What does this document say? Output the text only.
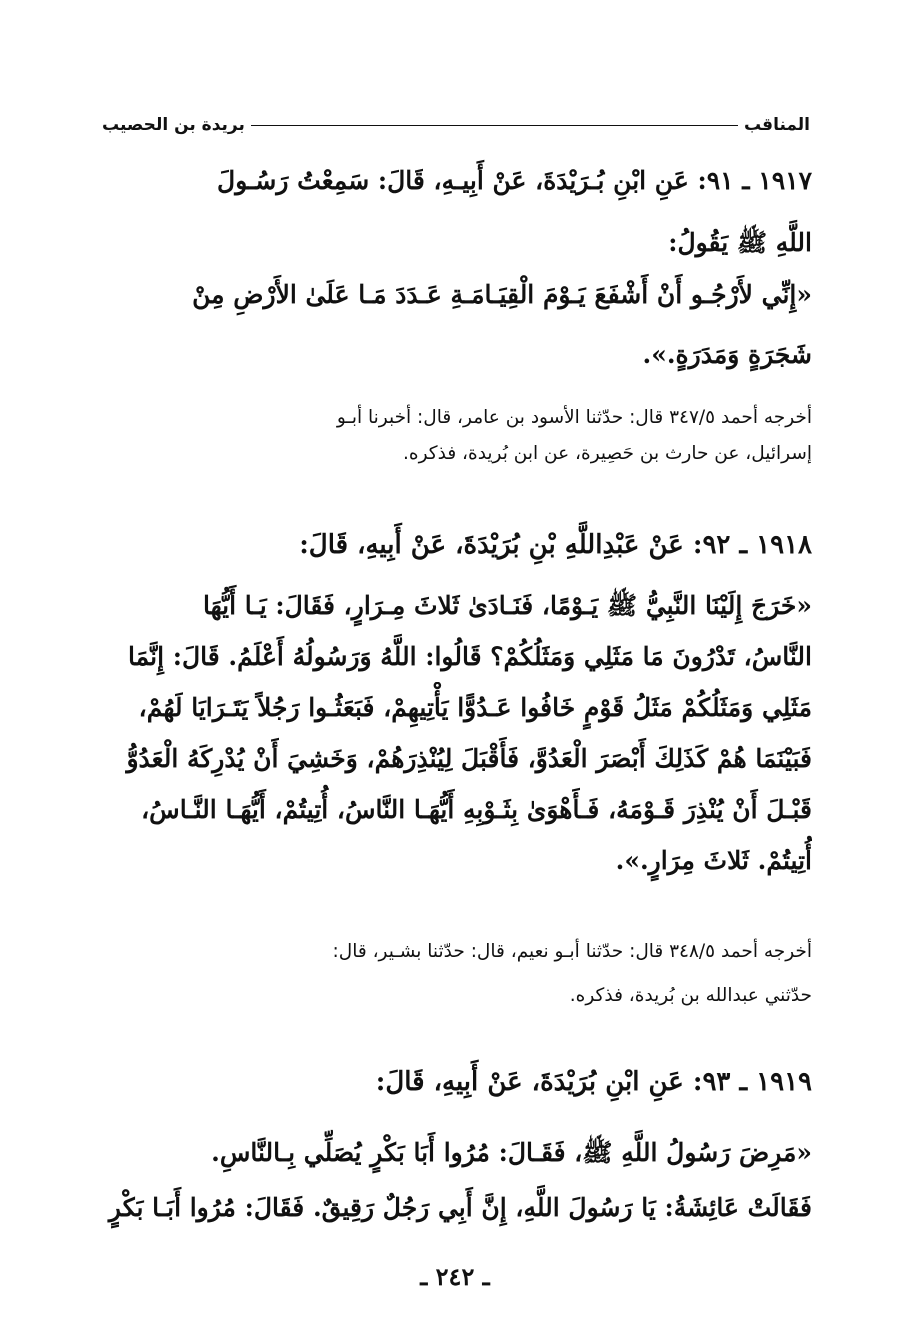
المناقب
بريدة بن الحصيب
١٩١٧ ـ ٩١: عَنِ ابْنِ بُـرَيْدَةَ، عَنْ أَبِيـهِ، قَالَ: سَمِعْتُ رَسُـولَ
اللَّهِ ﷺ يَقُولُ:
«إِنِّي لأَرْجُـو أَنْ أَشْفَعَ يَـوْمَ الْقِيَـامَـةِ عَـدَدَ مَـا عَلَىٰ الأَرْضِ مِنْ
شَجَرَةٍ وَمَدَرَةٍ.».
أخرجه أحمد ٣٤٧/٥ قال: حدّثنا الأسود بن عامر، قال: أخبرنا أبـو
إسرائيل، عن حارث بن حَصِيرة، عن ابن بُريدة، فذكره.
١٩١٨ ـ ٩٢: عَنْ عَبْدِاللَّهِ بْنِ بُرَيْدَةَ، عَنْ أَبِيهِ، قَالَ:
«خَرَجَ إِلَيْنَا النَّبِيُّ ﷺ يَـوْمًا، فَنَـادَىٰ ثَلاثَ مِـرَارٍ، فَقَالَ: يَـا أَيُّهَا
النَّاسُ، تَدْرُونَ مَا مَثَلِي وَمَثَلُكُمْ؟ قَالُوا: اللَّهُ وَرَسُولُهُ أَعْلَمُ. قَالَ: إِنَّمَا
مَثَلِي وَمَثَلُكُمْ مَثَلُ قَوْمٍ خَافُوا عَـدُوًّا يَأْتِيهِمْ، فَبَعَثُـوا رَجُلاً يَتَـرَايَا لَهُمْ،
فَبَيْنَمَا هُمْ كَذَلِكَ أَبْصَرَ الْعَدُوَّ، فَأَقْبَلَ لِيُنْذِرَهُمْ، وَخَشِيَ أَنْ يُدْرِكَهُ الْعَدُوُّ
قَبْـلَ أَنْ يُنْذِرَ قَـوْمَهُ، فَـأَهْوَىٰ بِثَـوْبِهِ أَيُّهَـا النَّاسُ، أُتِيتُمْ، أَيُّهَـا النَّـاسُ،
أُتِيتُمْ. ثَلاثَ مِرَارٍ.».
أخرجه أحمد ٣٤٨/٥ قال: حدّثنا أبـو نعيم، قال: حدّثنا بشـير، قال:
حدّثني عبدالله بن بُريدة، فذكره.
١٩١٩ ـ ٩٣: عَنِ ابْنِ بُرَيْدَةَ، عَنْ أَبِيهِ، قَالَ:
«مَرِضَ رَسُولُ اللَّهِ ﷺ، فَقَـالَ: مُرُوا أَبَا بَكْرٍ يُصَلِّي بِـالنَّاسِ.
فَقَالَتْ عَائِشَةُ: يَا رَسُولَ اللَّهِ، إِنَّ أَبِي رَجُلٌ رَقِيقٌ. فَقَالَ: مُرُوا أَبَـا بَكْرٍ
ـ ٢٤٢ ـ
